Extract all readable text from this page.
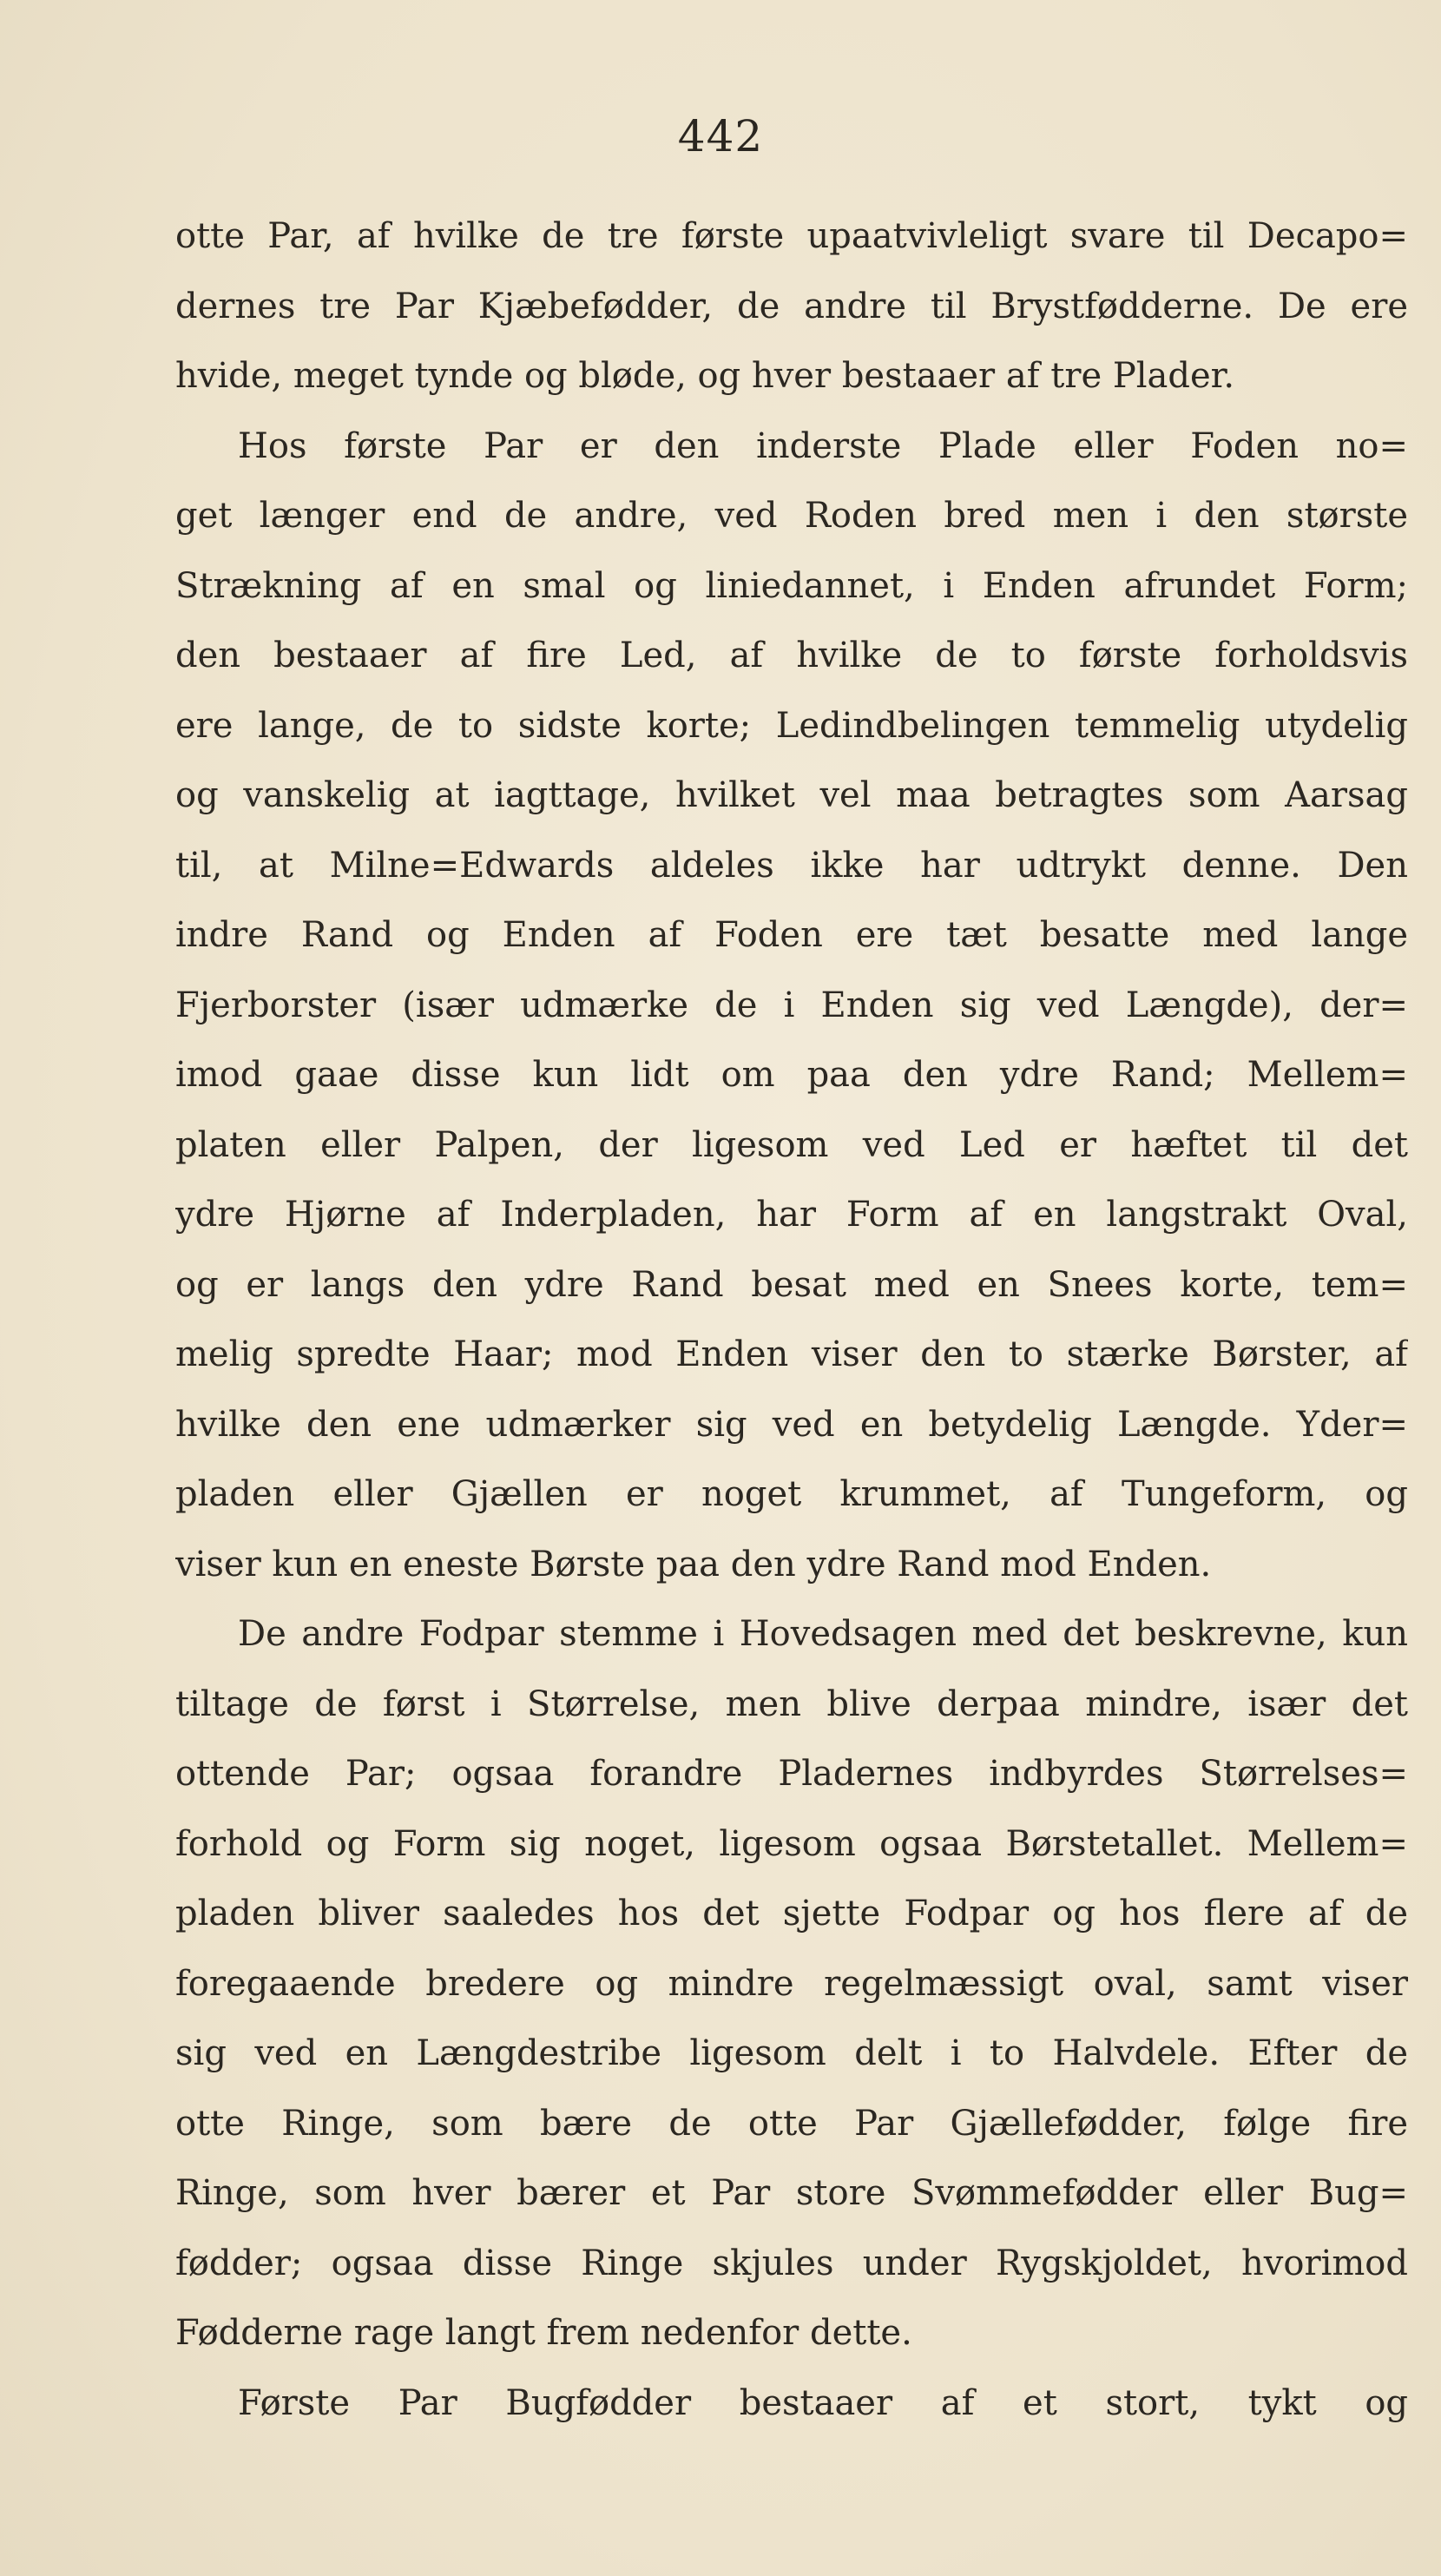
442
otte Par, af hvilke de tre første upaatvivleligt svare til Decapo=
dernes tre Par Kjæbefødder, de andre til Brystfødderne. De ere
hvide, meget tynde og bløde, og hver bestaaer af tre Plader.
Hos første Par er den inderste Plade eller Foden no=
get længer end de andre, ved Roden bred men i den største
Strækning af en smal og liniedannet, i Enden afrundet Form;
den bestaaer af fire Led, af hvilke de to første forholdsvis
ere lange, de to sidste korte; Ledindbelingen temmelig utydelig
og vanskelig at iagttage, hvilket vel maa betragtes som Aarsag
til, at Milne=Edwards aldeles ikke har udtrykt denne. Den
indre Rand og Enden af Foden ere tæt besatte med lange
Fjerborster (især udmærke de i Enden sig ved Længde), der=
imod gaae disse kun lidt om paa den ydre Rand; Mellem=
platen eller Palpen, der ligesom ved Led er hæftet til det
ydre Hjørne af Inderpladen, har Form af en langstrakt Oval,
og er langs den ydre Rand besat med en Snees korte, tem=
melig spredte Haar; mod Enden viser den to stærke Børster, af
hvilke den ene udmærker sig ved en betydelig Længde. Yder=
pladen eller Gjællen er noget krummet, af Tungeform, og
viser kun en eneste Børste paa den ydre Rand mod Enden.
De andre Fodpar stemme i Hovedsagen med det beskrevne, kun
tiltage de først i Størrelse, men blive derpaa mindre, især det
ottende Par; ogsaa forandre Pladernes indbyrdes Størrelses=
forhold og Form sig noget, ligesom ogsaa Børstetallet. Mellem=
pladen bliver saaledes hos det sjette Fodpar og hos flere af de
foregaaende bredere og mindre regelmæssigt oval, samt viser
sig ved en Længdestribe ligesom delt i to Halvdele. Efter de
otte Ringe, som bære de otte Par Gjællefødder, følge fire
Ringe, som hver bærer et Par store Svømmefødder eller Bug=
fødder; ogsaa disse Ringe skjules under Rygskjoldet, hvorimod
Fødderne rage langt frem nedenfor dette.
Første Par Bugfødder bestaaer af et stort, tykt og
